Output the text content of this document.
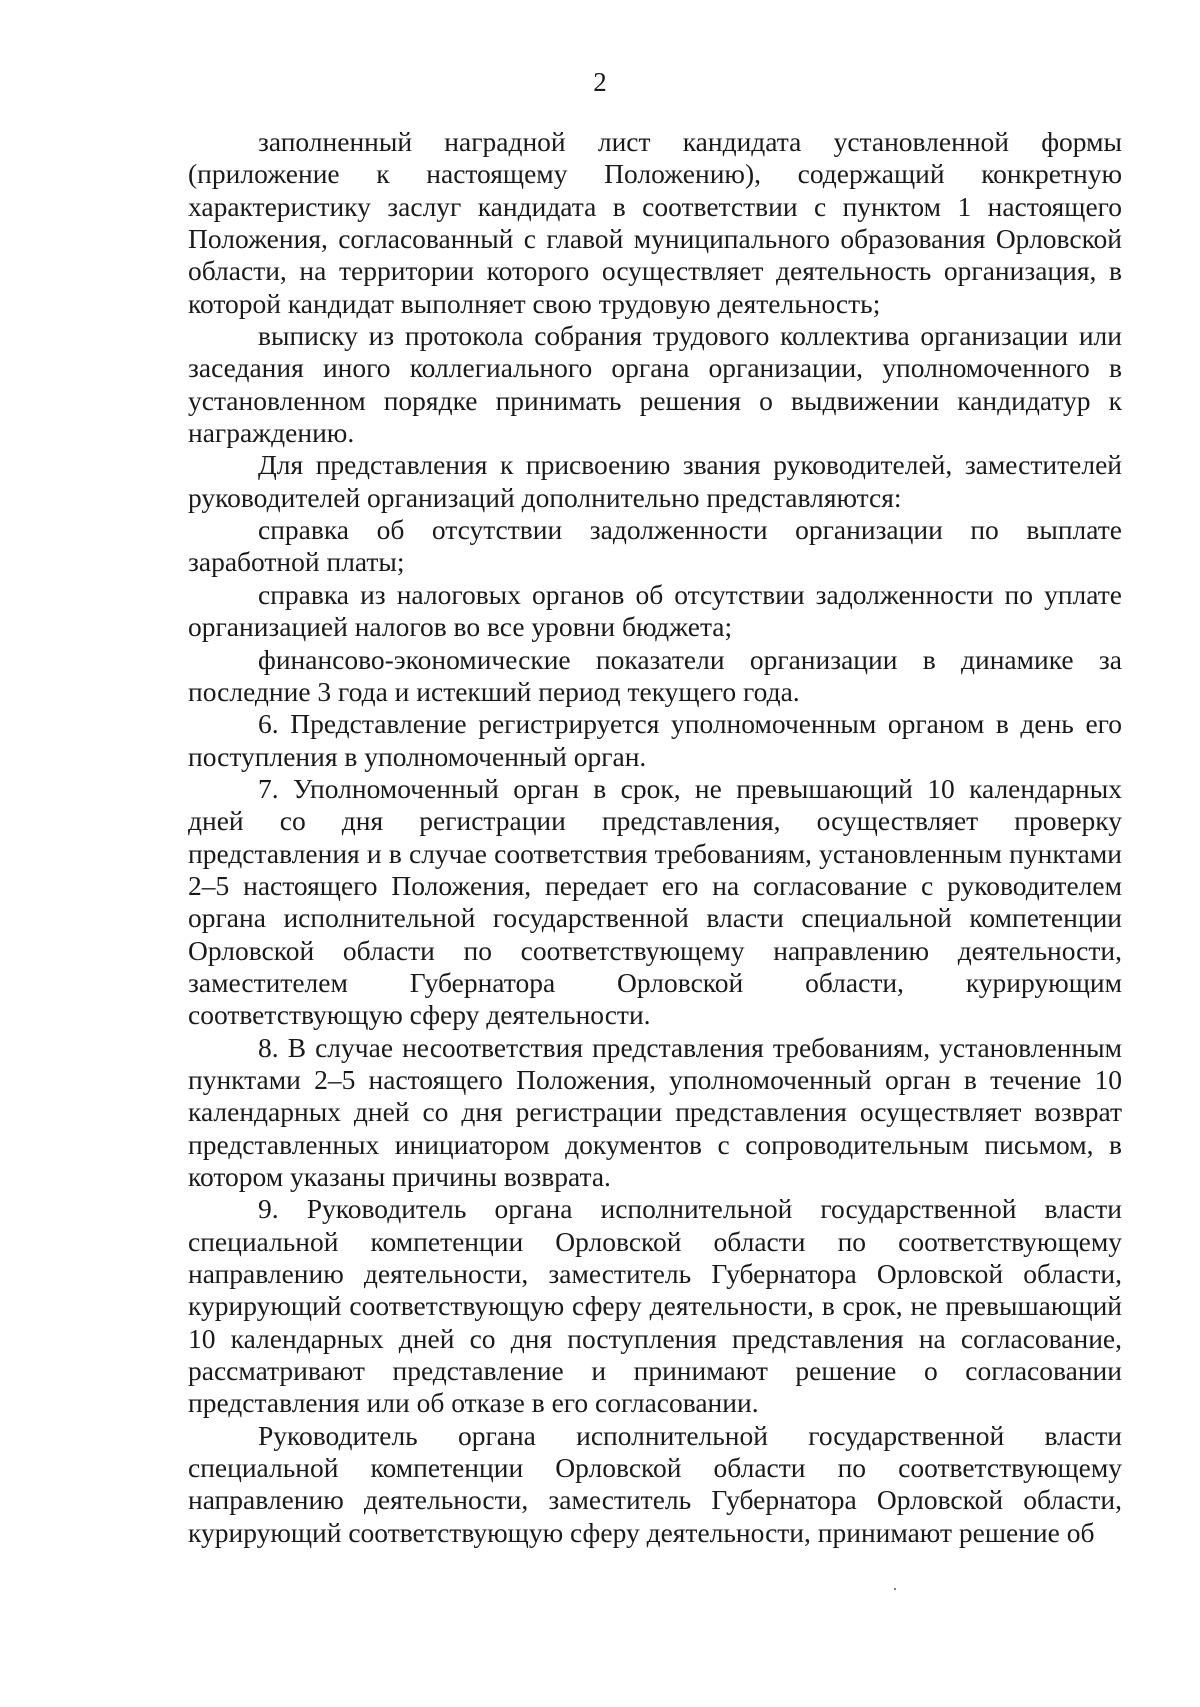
2

заполненный наградной лист кандидата установленной формы (приложение к настоящему Положению), содержащий конкретную характеристику заслуг кандидата в соответствии с пунктом 1 настоящего Положения, согласованный с главой муниципального образования Орловской области, на территории которого осуществляет деятельность организация, в которой кандидат выполняет свою трудовую деятельность;

выписку из протокола собрания трудового коллектива организации или заседания иного коллегиального органа организации, уполномоченного в установленном порядке принимать решения о выдвижении кандидатур к награждению.

Для представления к присвоению звания руководителей, заместителей руководителей организаций дополнительно представляются:

справка об отсутствии задолженности организации по выплате заработной платы;

справка из налоговых органов об отсутствии задолженности по уплате организацией налогов во все уровни бюджета;

финансово-экономические показатели организации в динамике за последние 3 года и истекший период текущего года.

6. Представление регистрируется уполномоченным органом в день его поступления в уполномоченный орган.

7. Уполномоченный орган в срок, не превышающий 10 календарных дней со дня регистрации представления, осуществляет проверку представления и в случае соответствия требованиям, установленным пунктами 2–5 настоящего Положения, передает его на согласование с руководителем органа исполнительной государственной власти специальной компетенции Орловской области по соответствующему направлению деятельности, заместителем Губернатора Орловской области, курирующим соответствующую сферу деятельности.

8. В случае несоответствия представления требованиям, установленным пунктами 2–5 настоящего Положения, уполномоченный орган в течение 10 календарных дней со дня регистрации представления осуществляет возврат представленных инициатором документов с сопроводительным письмом, в котором указаны причины возврата.

9. Руководитель органа исполнительной государственной власти специальной компетенции Орловской области по соответствующему направлению деятельности, заместитель Губернатора Орловской области, курирующий соответствующую сферу деятельности, в срок, не превышающий 10 календарных дней со дня поступления представления на согласование, рассматривают представление и принимают решение о согласовании представления или об отказе в его согласовании.

Руководитель органа исполнительной государственной власти специальной компетенции Орловской области по соответствующему направлению деятельности, заместитель Губернатора Орловской области, курирующий соответствующую сферу деятельности, принимают решение об
